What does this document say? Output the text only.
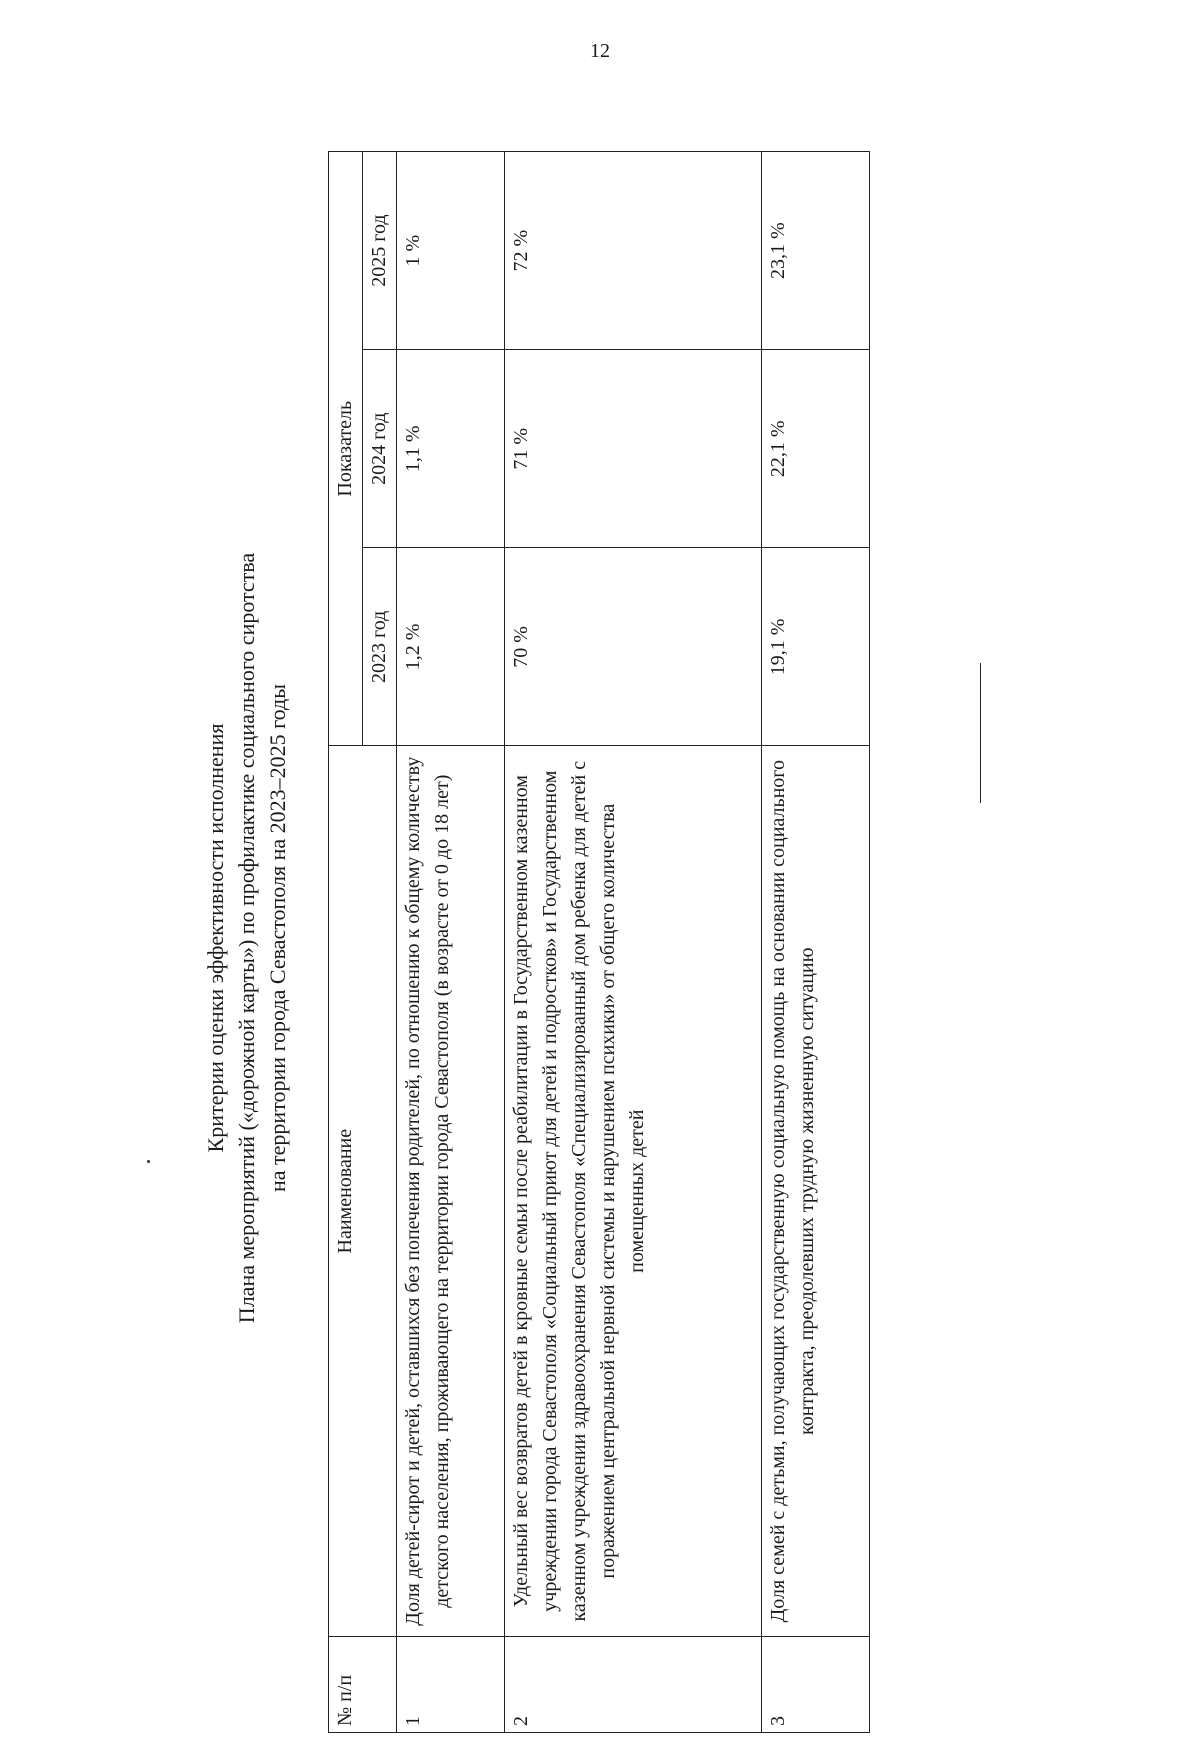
12
Критерии оценки эффективности исполнения Плана мероприятий («дорожной карты») по профилактике социального сиротства на территории города Севастополя на 2023–2025 годы
№ п/п	Наименование	Показатель		
		2023 год	2024 год	2025 год
1	Доля детей-сирот и детей, оставшихся без попечения родителей, по отношению к общему количеству детского населения, проживающего на территории города Севастополя (в возрасте от 0 до 18 лет)	1,2 %	1,1 %	1 %
2	Удельный вес возвратов детей в кровные семьи после реабилитации в Государственном казенном учреждении города Севастополя «Социальный приют для детей и подростков» и Государственном казенном учреждении здравоохранения Севастополя «Специализированный дом ребенка для детей с поражением центральной нервной системы и нарушением психики» от общего количества помещенных детей	70 %	71 %	72 %
3	Доля семей с детьми, получающих государственную социальную помощь на основании социального контракта, преодолевших трудную жизненную ситуацию	19,1 %	22,1 %	23,1 %
